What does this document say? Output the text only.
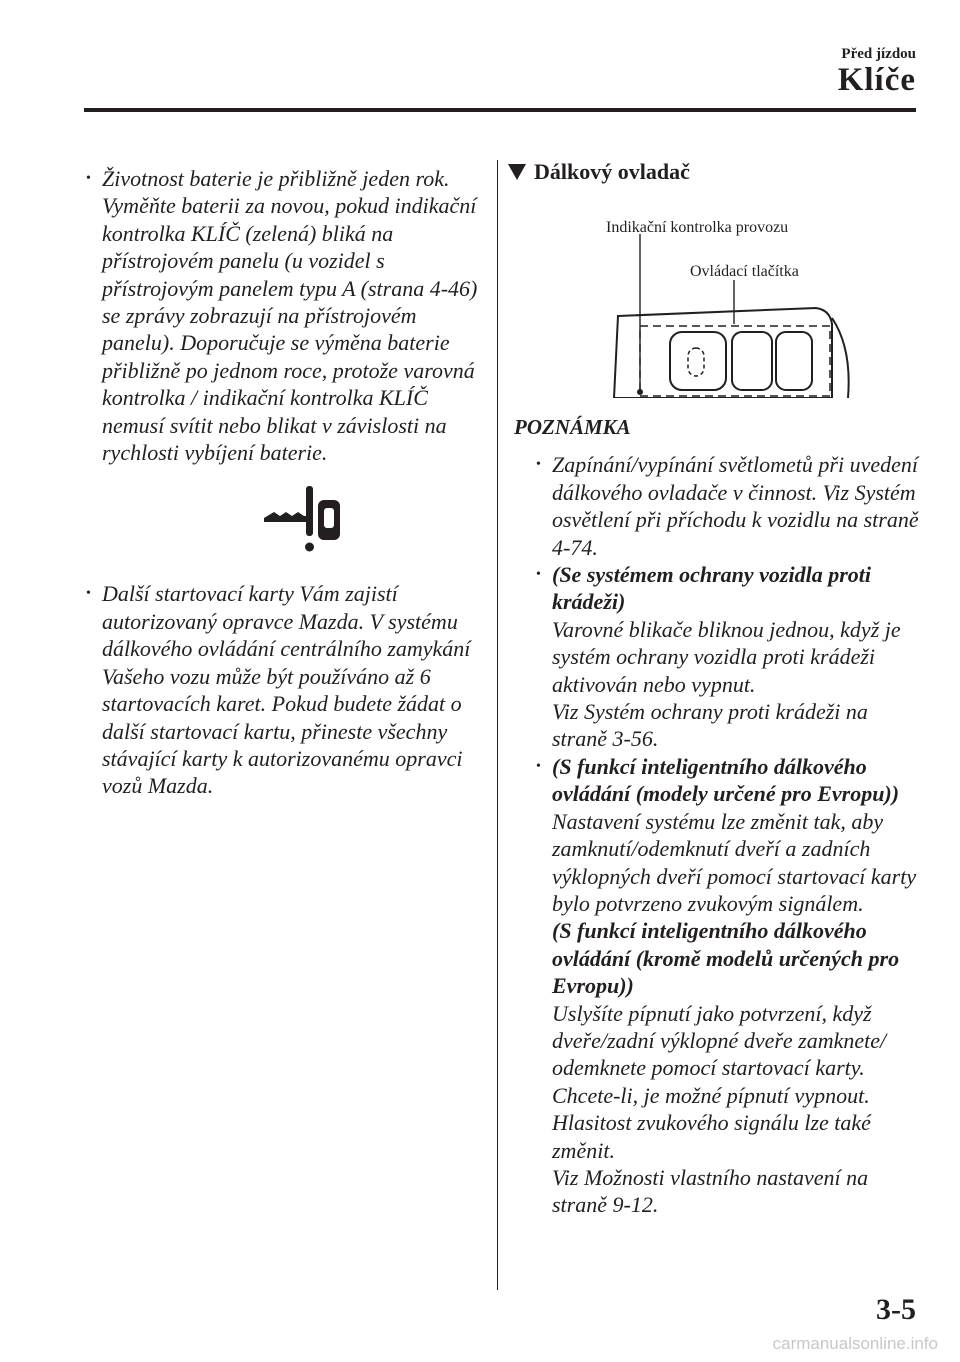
Před jízdou
Klíče
• Životnost baterie je přibližně jeden rok. Vyměňte baterii za novou, pokud indikační kontrolka KLÍČ (zelená) bliká na přístrojovém panelu (u vozidel s přístrojovým panelem typu A (strana 4-46) se zprávy zobrazují na přístrojovém panelu). Doporučuje se výměna baterie přibližně po jednom roce, protože varovná kontrolka / indikační kontrolka KLÍČ nemusí svítit nebo blikat v závislosti na rychlosti vybíjení baterie.

• Další startovací karty Vám zajistí autorizovaný opravce Mazda. V systému dálkového ovládání centrálního zamykání Vašeho vozu může být používáno až 6 startovacích karet. Pokud budete žádat o další startovací kartu, přineste všechny stávající karty k autorizovanému opravci vozů Mazda.

Dálkový ovladač
Indikační kontrolka provozu
Ovládací tlačítka
POZNÁMKA
• Zapínání/vypínání světlometů při uvedení dálkového ovladače v činnost. Viz Systém osvětlení při příchodu k vozidlu na straně 4-74.

• (Se systémem ochrany vozidla proti krádeži)

Varovné blikače bliknou jednou, když je systém ochrany vozidla proti krádeži aktivován nebo vypnut.

Viz Systém ochrany proti krádeži na straně 3-56.

• (S funkcí inteligentního dálkového ovládání (modely určené pro Evropu))

Nastavení systému lze změnit tak, aby zamknutí/odemknutí dveří a zadních výklopných dveří pomocí startovací karty bylo potvrzeno zvukovým signálem.

(S funkcí inteligentního dálkového ovládání (kromě modelů určených pro Evropu))

Uslyšíte pípnutí jako potvrzení, když dveře/zadní výklopné dveře zamknete/ odemknete pomocí startovací karty. Chcete-li, je možné pípnutí vypnout. Hlasitost zvukového signálu lze také změnit.

Viz Možnosti vlastního nastavení na straně 9-12.

3-5
carmanualsonline.info
